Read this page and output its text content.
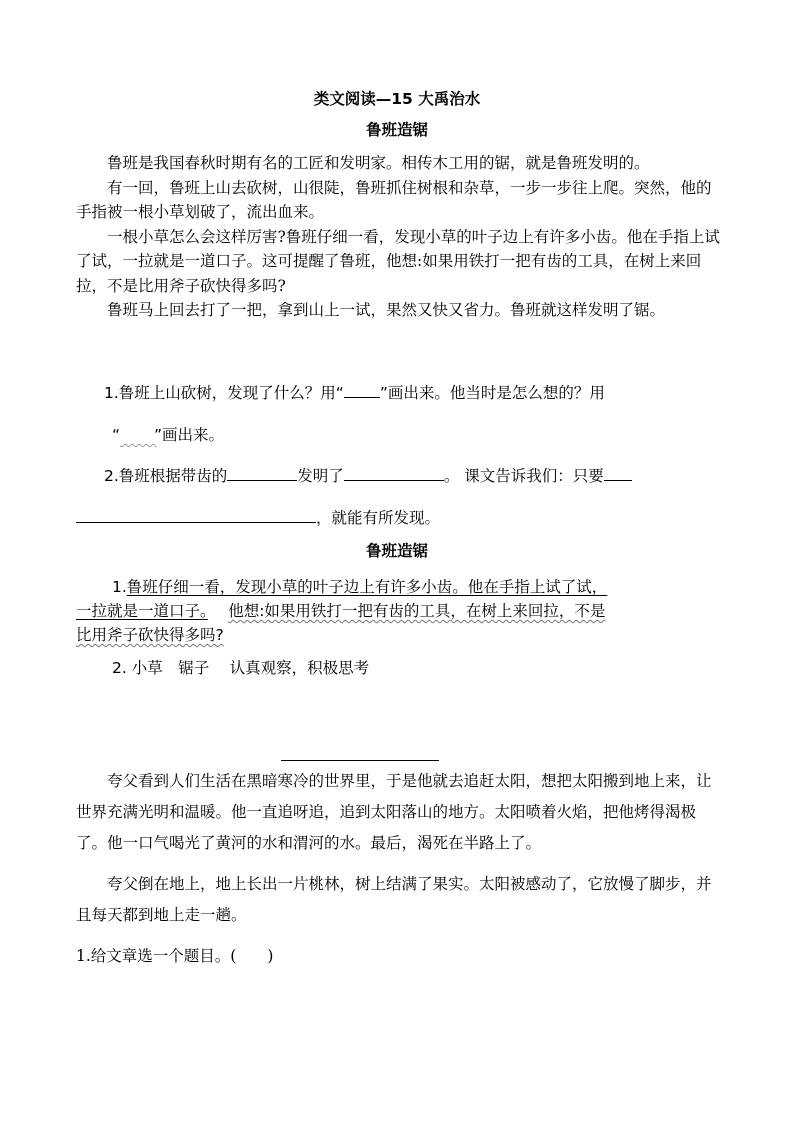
类文阅读—15 大禹治水
鲁班造锯

鲁班是我国春秋时期有名的工匠和发明家。相传木工用的锯，就是鲁班发明的。

有一回，鲁班上山去砍树，山很陡，鲁班抓住树根和杂草，一步一步往上爬。突然，他的手指被一根小草划破了，流出血来。

一根小草怎么会这样厉害?鲁班仔细一看，发现小草的叶子边上有许多小齿。他在手指上试了试，一拉就是一道口子。这可提醒了鲁班，他想:如果用铁打一把有齿的工具，在树上来回拉，不是比用斧子砍快得多吗?

鲁班马上回去打了一把，拿到山上一试，果然又快又省力。鲁班就这样发明了锯。

1.鲁班上山砍树，发现了什么？用“ ”画出来。他当时是怎么想的？用
“ ”画出来。
2.鲁班根据带齿的	发明了	。 课文告诉我们：只要
，就能有所发现。
鲁班造锯
1.鲁班仔细一看，发现小草的叶子边上有许多小齿。他在手指上试了试，
一拉就是一道口子。　 他想:如果用铁打一把有齿的工具，在树上来回拉，不是
比用斧子砍快得多吗?
2. 小草　锯子　 认真观察，积极思考

夸父看到人们生活在黑暗寒冷的世界里，于是他就去追赶太阳，想把太阳搬到地上来，让世界充满光明和温暖。他一直追呀追，追到太阳落山的地方。太阳喷着火焰，把他烤得渴极了。他一口气喝光了黄河的水和渭河的水。最后，渴死在半路上了。

夸父倒在地上，地上长出一片桃林，树上结满了果实。太阳被感动了，它放慢了脚步，并且每天都到地上走一趟。

1.给文章选一个题目。(　　)
